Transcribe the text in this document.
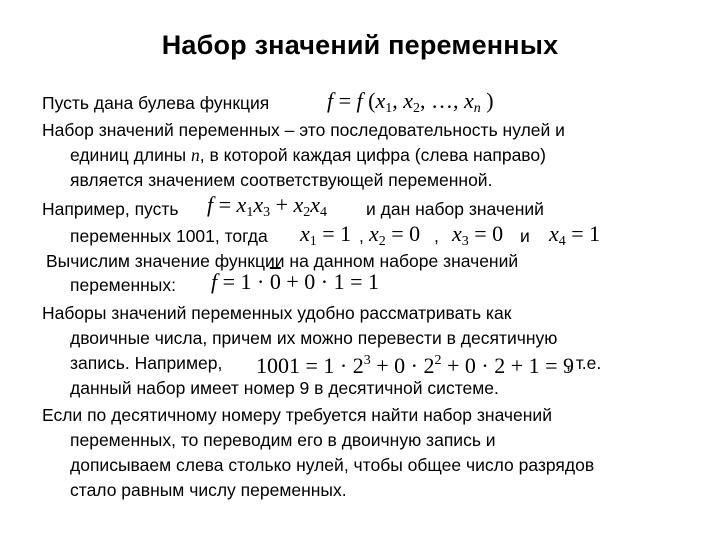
Набор значений переменных
Пусть дана булева функция	f = f ($x_1$, $x_2$, …, $x_n$ )
Набор значений переменных – это последовательность нулей и
единиц длины n, в которой каждая цифра (слева направо)
является значением соответствующей переменной.
Например, пусть $f = x_1x_3 + x_2x_4$ и дан набор значений
переменных 1001, тогда $x_1 = 1$ , $x_2 = 0$ , $x_3 = 0$ и $x_4 = 1$
Вычислим значение функции на данном наборе значений
переменных: f = 1 · 0 + 0 · 1 = 1
Наборы значений переменных удобно рассматривать как
двоичные числа, причем их можно перевести в десятичную
запись. Например, $1001 = 1 \cdot 2^3 + 0 \cdot 2^2 + 0 \cdot 2 + 1 = 9$
, т.е.
данный набор имеет номер 9 в десятичной системе.
Если по десятичному номеру требуется найти набор значений
переменных, то переводим его в двоичную запись и
дописываем слева столько нулей, чтобы общее число разрядов
стало равным числу переменных.
